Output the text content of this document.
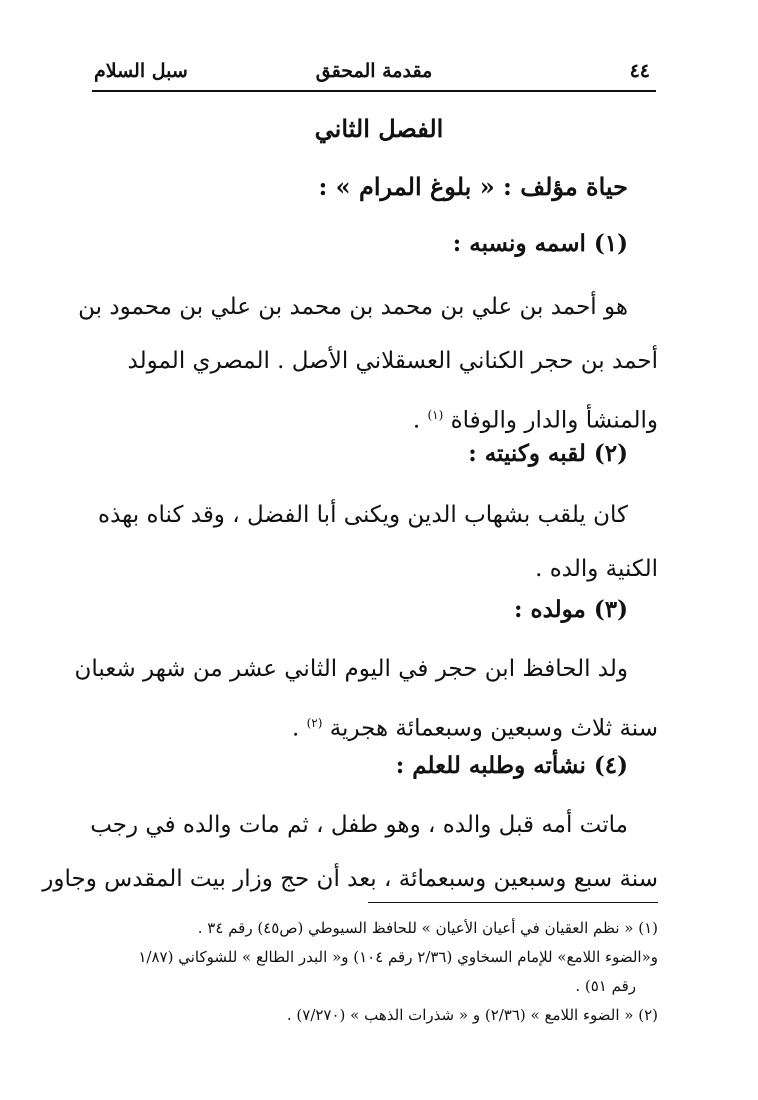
٤٤
مقدمة المحقق
سبل السلام
الفصل الثاني
حياة مؤلف : « بلوغ المرام » :
(١) اسمه ونسبه :
هو أحمد بن علي بن محمد بن محمد بن علي بن محمود بن
أحمد بن حجر الكناني العسقلاني الأصل . المصري المولد
والمنشأ والدار والوفاة $^{(١)}$ .
(٢) لقبه وكنيته :
كان يلقب بشهاب الدين ويكنى أبا الفضل ، وقد كناه بهذه
الكنية والده .
(٣) مولده :
ولد الحافظ ابن حجر في اليوم الثاني عشر من شهر شعبان
سنة ثلاث وسبعين وسبعمائة هجرية $^{(٢)}$ .
(٤) نشأته وطلبه للعلم :
ماتت أمه قبل والده ، وهو طفل ، ثم مات والده في رجب
سنة سبع وسبعين وسبعمائة ، بعد أن حج وزار بيت المقدس وجاور
(١) « نظم العقيان في أعيان الأعيان » للحافظ السيوطي (ص٤٥) رقم ٣٤ .
و«الضوء اللامع» للإمام السخاوي (٢/٣٦ رقم ١٠٤) و« البدر الطالع » للشوكاني (١/٨٧
رقم ٥١) .
(٢) « الضوء اللامع » (٢/٣٦) و « شذرات الذهب » (٧/٢٧٠) .
